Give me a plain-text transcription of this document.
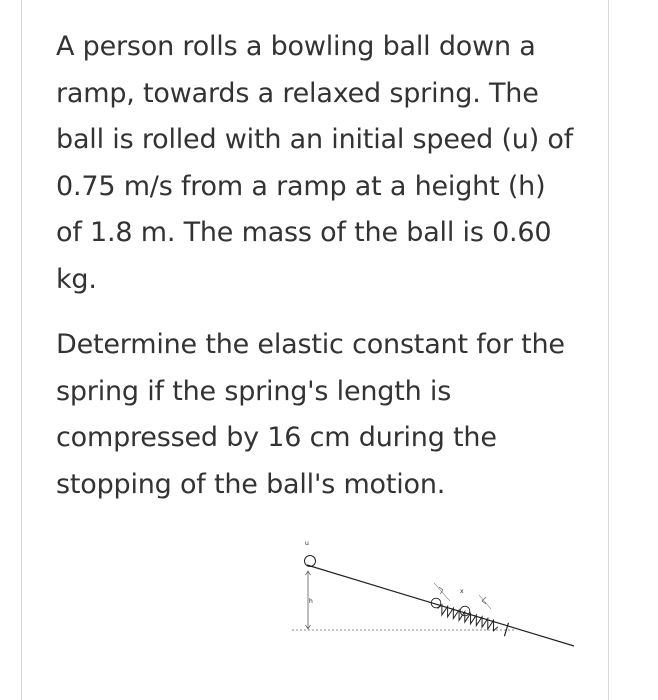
A person rolls a bowling ball down a ramp, towards a relaxed spring. The ball is rolled with an initial speed (u) of 0.75 m/s from a ramp at a height (h) of 1.8 m. The mass of the ball is 0.60 kg.

Determine the elastic constant for the spring if the spring's length is compressed by 16 cm during the stopping of the ball's motion.

u
h
x
